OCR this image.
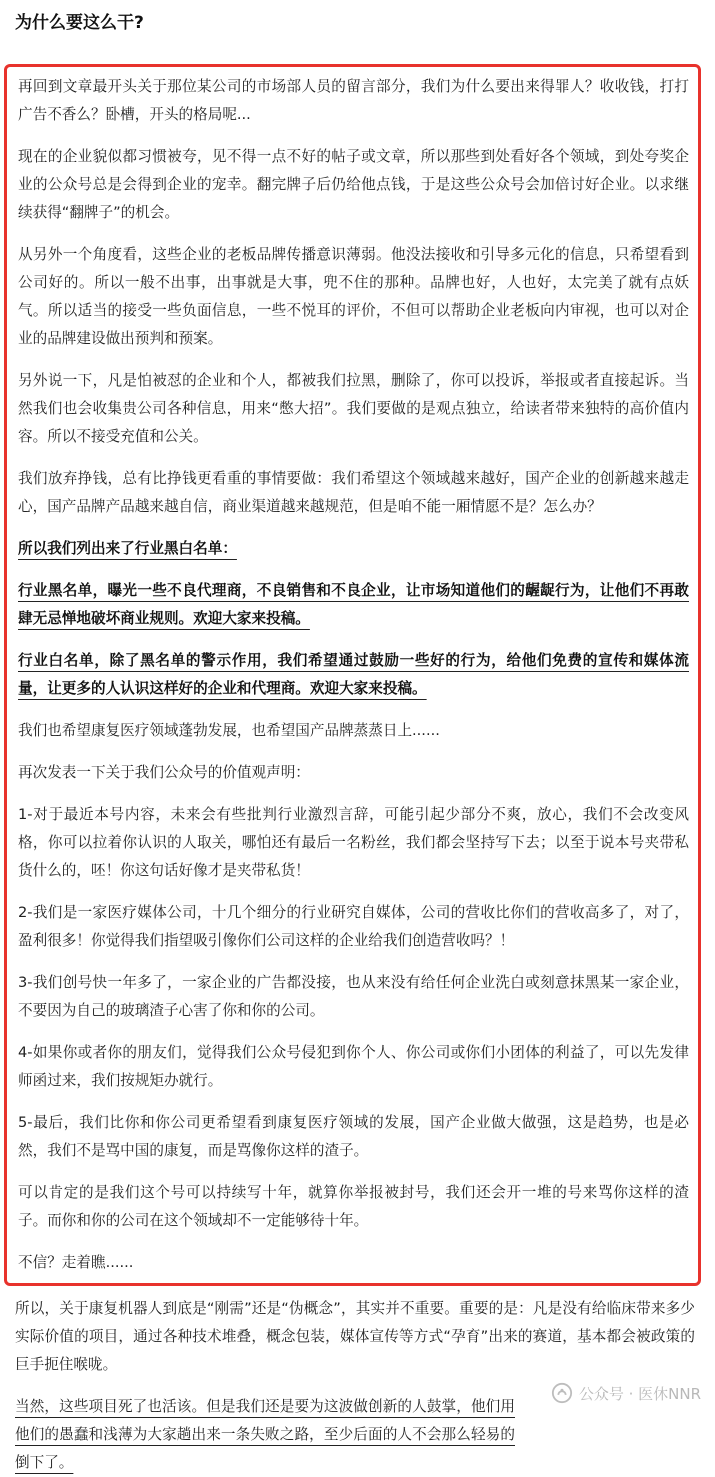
为什么要这么干?

再回到文章最开头关于那位某公司的市场部人员的留言部分，我们为什么要出来得罪人？收收钱，打打广告不香么？卧槽，开头的格局呢...

现在的企业貌似都习惯被夸，见不得一点不好的帖子或文章，所以那些到处看好各个领域，到处夸奖企业的公众号总是会得到企业的宠幸。翻完牌子后仍给他点钱，于是这些公众号会加倍讨好企业。以求继续获得“翻牌子”的机会。

从另外一个角度看，这些企业的老板品牌传播意识薄弱。他没法接收和引导多元化的信息，只希望看到公司好的。所以一般不出事，出事就是大事，兜不住的那种。品牌也好，人也好，太完美了就有点妖气。所以适当的接受一些负面信息，一些不悦耳的评价，不但可以帮助企业老板向内审视，也可以对企业的品牌建设做出预判和预案。

另外说一下，凡是怕被怼的企业和个人，都被我们拉黑，删除了，你可以投诉，举报或者直接起诉。当然我们也会收集贵公司各种信息，用来“憋大招”。我们要做的是观点独立，给读者带来独特的高价值内容。所以不接受充值和公关。

我们放弃挣钱，总有比挣钱更看重的事情要做：我们希望这个领域越来越好，国产企业的创新越来越走心，国产品牌产品越来越自信，商业渠道越来越规范，但是咱不能一厢情愿不是？怎么办？

所以我们列出来了行业黑白名单：

行业黑名单，曝光一些不良代理商，不良销售和不良企业，让市场知道他们的龌龊行为，让他们不再敢肆无忌惮地破坏商业规则。欢迎大家来投稿。

行业白名单，除了黑名单的警示作用，我们希望通过鼓励一些好的行为，给他们免费的宣传和媒体流量，让更多的人认识这样好的企业和代理商。欢迎大家来投稿。

我们也希望康复医疗领域蓬勃发展，也希望国产品牌蒸蒸日上......

再次发表一下关于我们公众号的价值观声明：

1-对于最近本号内容，未来会有些批判行业激烈言辞，可能引起少部分不爽，放心，我们不会改变风格，你可以拉着你认识的人取关，哪怕还有最后一名粉丝，我们都会坚持写下去；以至于说本号夹带私货什么的，呸！你这句话好像才是夹带私货！

2-我们是一家医疗媒体公司，十几个细分的行业研究自媒体，公司的营收比你们的营收高多了，对了，盈利很多！你觉得我们指望吸引像你们公司这样的企业给我们创造营收吗？！

3-我们创号快一年多了，一家企业的广告都没接，也从来没有给任何企业洗白或刻意抹黑某一家企业，不要因为自己的玻璃渣子心害了你和你的公司。

4-如果你或者你的朋友们，觉得我们公众号侵犯到你个人、你公司或你们小团体的利益了，可以先发律师函过来，我们按规矩办就行。

5-最后，我们比你和你公司更希望看到康复医疗领域的发展，国产企业做大做强，这是趋势，也是必然，我们不是骂中国的康复，而是骂像你这样的渣子。

可以肯定的是我们这个号可以持续写十年，就算你举报被封号，我们还会开一堆的号来骂你这样的渣子。而你和你的公司在这个领域却不一定能够待十年。

不信？走着瞧......

所以，关于康复机器人到底是“刚需”还是“伪概念”，其实并不重要。重要的是：凡是没有给临床带来多少实际价值的项目，通过各种技术堆叠，概念包装，媒体宣传等方式“孕育”出来的赛道，基本都会被政策的巨手扼住喉咙。

当然，这些项目死了也活该。但是我们还是要为这波做创新的人鼓掌，他们用他们的愚蠢和浅薄为大家趟出来一条失败之路，至少后面的人不会那么轻易的倒下了。

公众号 · 医休NNR
